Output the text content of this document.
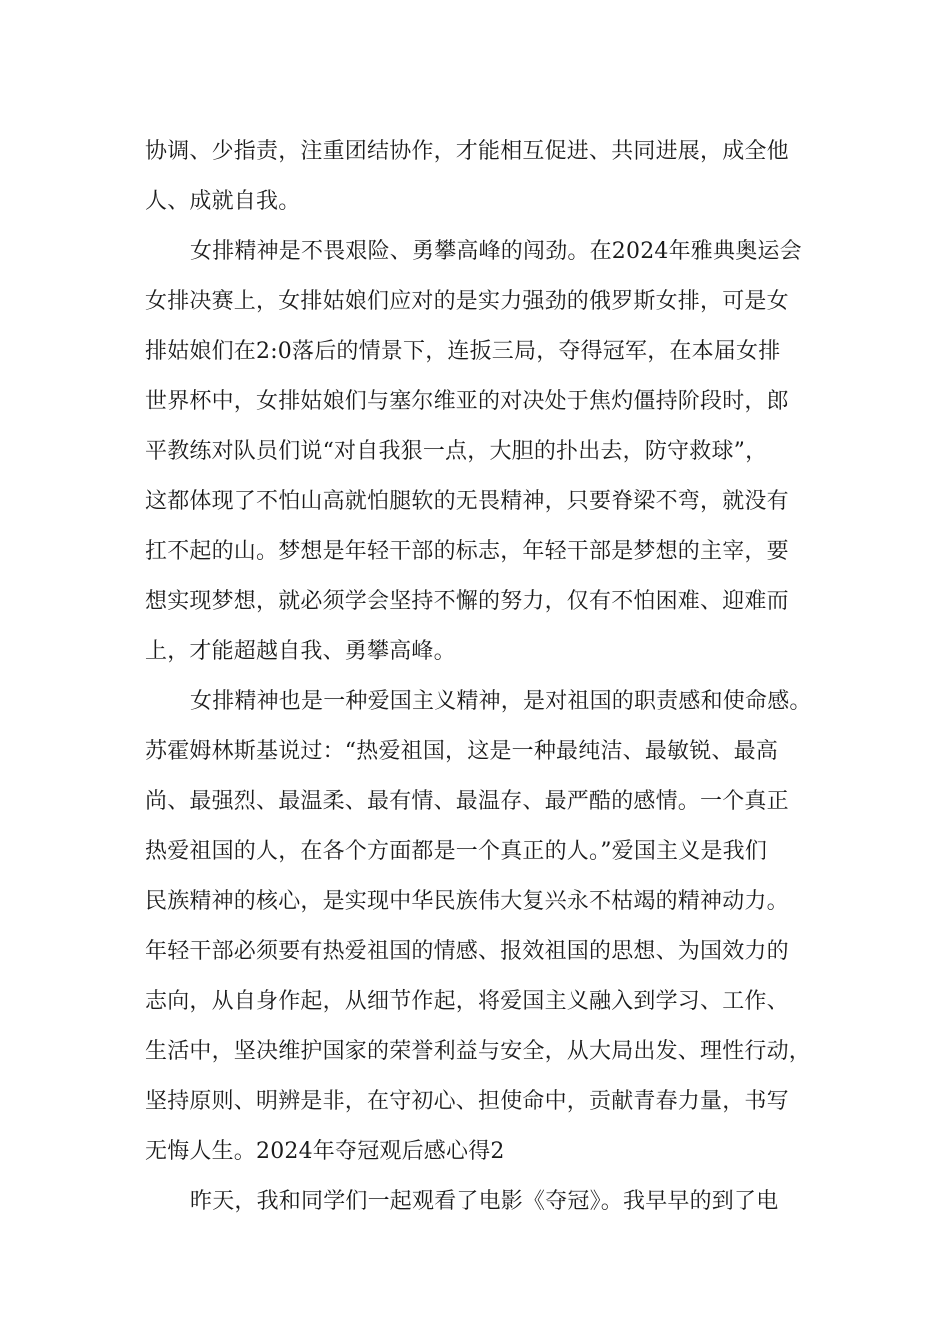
协调、少指责，注重团结协作，才能相互促进、共同进展，成全他
人、成就自我。
女排精神是不畏艰险、勇攀高峰的闯劲。在2024年雅典奥运会
女排决赛上，女排姑娘们应对的是实力强劲的俄罗斯女排，可是女
排姑娘们在2:0落后的情景下，连扳三局，夺得冠军，在本届女排
世界杯中，女排姑娘们与塞尔维亚的对决处于焦灼僵持阶段时，郎
平教练对队员们说“对自我狠一点，大胆的扑出去，防守救球”，
这都体现了不怕山高就怕腿软的无畏精神，只要脊梁不弯，就没有
扛不起的山。梦想是年轻干部的标志，年轻干部是梦想的主宰，要
想实现梦想，就必须学会坚持不懈的努力，仅有不怕困难、迎难而
上，才能超越自我、勇攀高峰。
女排精神也是一种爱国主义精神，是对祖国的职责感和使命感。
苏霍姆林斯基说过：“热爱祖国，这是一种最纯洁、最敏锐、最高
尚、最强烈、最温柔、最有情、最温存、最严酷的感情。一个真正
热爱祖国的人，在各个方面都是一个真正的人。”爱国主义是我们
民族精神的核心，是实现中华民族伟大复兴永不枯竭的精神动力。
年轻干部必须要有热爱祖国的情感、报效祖国的思想、为国效力的
志向，从自身作起，从细节作起，将爱国主义融入到学习、工作、
生活中，坚决维护国家的荣誉利益与安全，从大局出发、理性行动，
坚持原则、明辨是非，在守初心、担使命中，贡献青春力量，书写
无悔人生。2024年夺冠观后感心得2
昨天，我和同学们一起观看了电影《夺冠》。我早早的到了电
